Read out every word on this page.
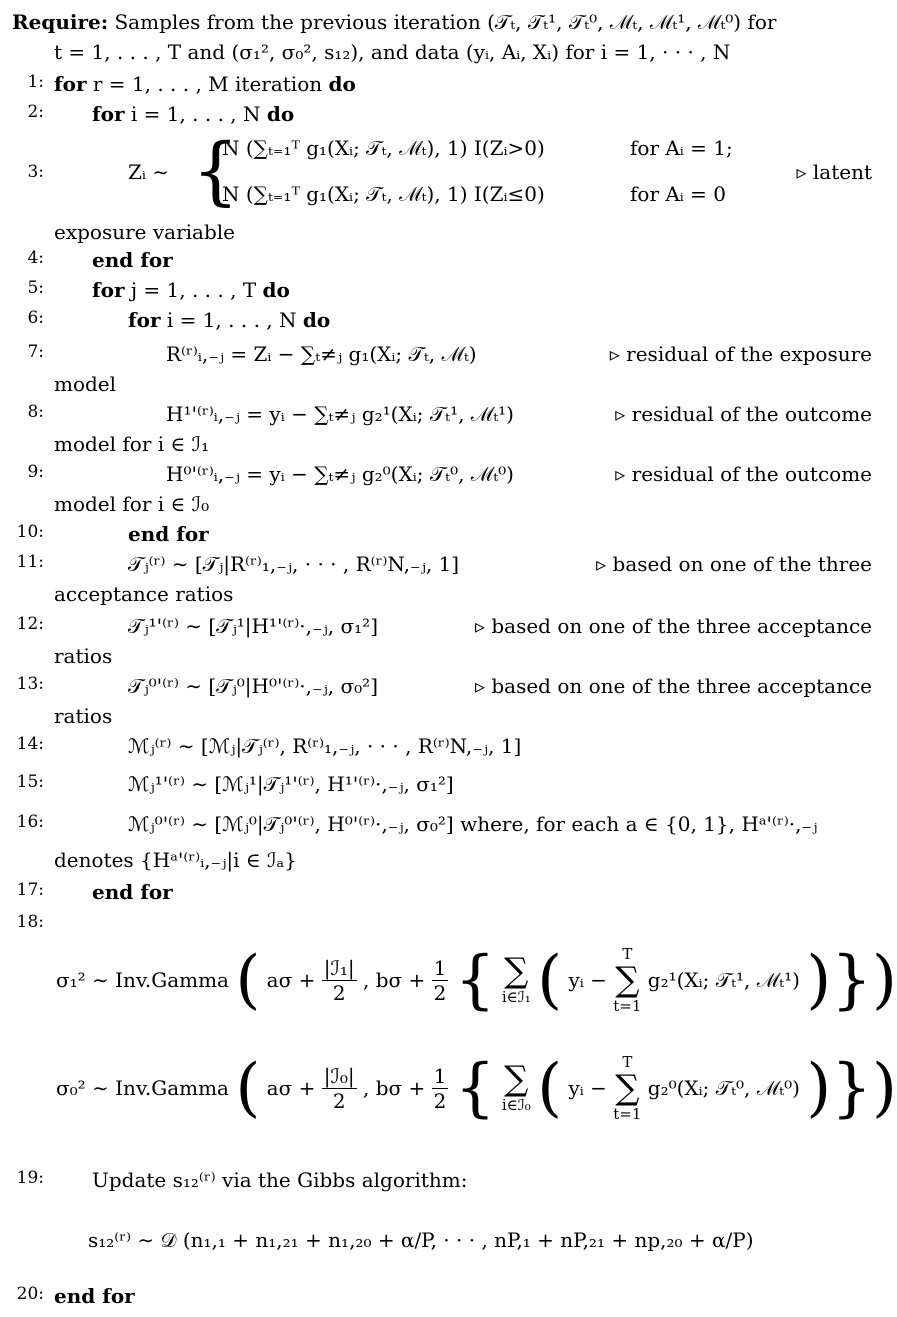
Require: Samples from the previous iteration (𝒯ₜ, 𝒯ₜ¹, 𝒯ₜ⁰, ℳₜ, ℳₜ¹, ℳₜ⁰) for
t = 1, . . . , T and (σ₁², σ₀², s₁₂), and data (yᵢ, Aᵢ, Xᵢ) for i = 1, · · · , N
1: for r = 1, . . . , M iteration do
2: for i = 1, . . . , N do
3:	Zᵢ ∼ {
N (∑ₜ₌₁ᵀ g₁(Xᵢ; 𝒯ₜ, ℳₜ), 1) I(Zᵢ>0)	for Aᵢ = 1;
N (∑ₜ₌₁ᵀ g₁(Xᵢ; 𝒯ₜ, ℳₜ), 1) I(Zᵢ≤0)	for Aᵢ = 0
▹ latent
exposure variable
4: end for
5: for j = 1, . . . , T do
6:	for i = 1, . . . , N do
7:	R⁽ʳ⁾ᵢ,₋ⱼ = Zᵢ − ∑ₜ≠ⱼ g₁(Xᵢ; 𝒯ₜ, ℳₜ)	▹ residual of the exposure
model
8:	H¹'⁽ʳ⁾ᵢ,₋ⱼ = yᵢ − ∑ₜ≠ⱼ g₂¹(Xᵢ; 𝒯ₜ¹, ℳₜ¹)	▹ residual of the outcome
model for i ∈ ℐ₁
9:	H⁰'⁽ʳ⁾ᵢ,₋ⱼ = yᵢ − ∑ₜ≠ⱼ g₂⁰(Xᵢ; 𝒯ₜ⁰, ℳₜ⁰)	▹ residual of the outcome
model for i ∈ ℐ₀
10:	end for
11:	𝒯ⱼ⁽ʳ⁾ ∼ [𝒯ⱼ|R⁽ʳ⁾₁,₋ⱼ, · · · , R⁽ʳ⁾N,₋ⱼ, 1]	▹ based on one of the three
acceptance ratios
12:	𝒯ⱼ¹'⁽ʳ⁾ ∼ [𝒯ⱼ¹|H¹'⁽ʳ⁾·,₋ⱼ, σ₁²]	▹ based on one of the three acceptance
ratios
13:	𝒯ⱼ⁰'⁽ʳ⁾ ∼ [𝒯ⱼ⁰|H⁰'⁽ʳ⁾·,₋ⱼ, σ₀²]	▹ based on one of the three acceptance
ratios
14:	ℳⱼ⁽ʳ⁾ ∼ [ℳⱼ|𝒯ⱼ⁽ʳ⁾, R⁽ʳ⁾₁,₋ⱼ, · · · , R⁽ʳ⁾N,₋ⱼ, 1]
15:	ℳⱼ¹'⁽ʳ⁾ ∼ [ℳⱼ¹|𝒯ⱼ¹'⁽ʳ⁾, H¹'⁽ʳ⁾·,₋ⱼ, σ₁²]
16:	ℳⱼ⁰'⁽ʳ⁾ ∼ [ℳⱼ⁰|𝒯ⱼ⁰'⁽ʳ⁾, H⁰'⁽ʳ⁾·,₋ⱼ, σ₀²] where, for each a ∈ {0, 1}, Hᵃ'⁽ʳ⁾·,₋ⱼ
denotes {Hᵃ'⁽ʳ⁾ᵢ,₋ⱼ|i ∈ ℐₐ}
17: end for
18:
σ₁² ∼ Inv.Gamma ( $a\sigma + \frac{\text{|ℐ₁|}}{2}$ , $b\sigma + \frac{1}{2}$ { ∑
i∈ℐ₁ ( yᵢ − T
∑
t=1 g₂¹(Xᵢ; 𝒯ₜ¹, ℳₜ¹) )})
σ₀² ∼ Inv.Gamma ( $a\sigma + \frac{\text{|ℐ₀|}}{2}$ , $b\sigma + \frac{1}{2}$ { ∑
i∈ℐ₀ ( yᵢ − T
∑
t=1 g₂⁰(Xᵢ; 𝒯ₜ⁰, ℳₜ⁰) )})
19: Update s₁₂⁽ʳ⁾ via the Gibbs algorithm:
s₁₂⁽ʳ⁾ ∼ 𝒟 (n₁,₁ + n₁,₂₁ + n₁,₂₀ + α/P, · · · , nP,₁ + nP,₂₁ + np,₂₀ + α/P)
20: end for
